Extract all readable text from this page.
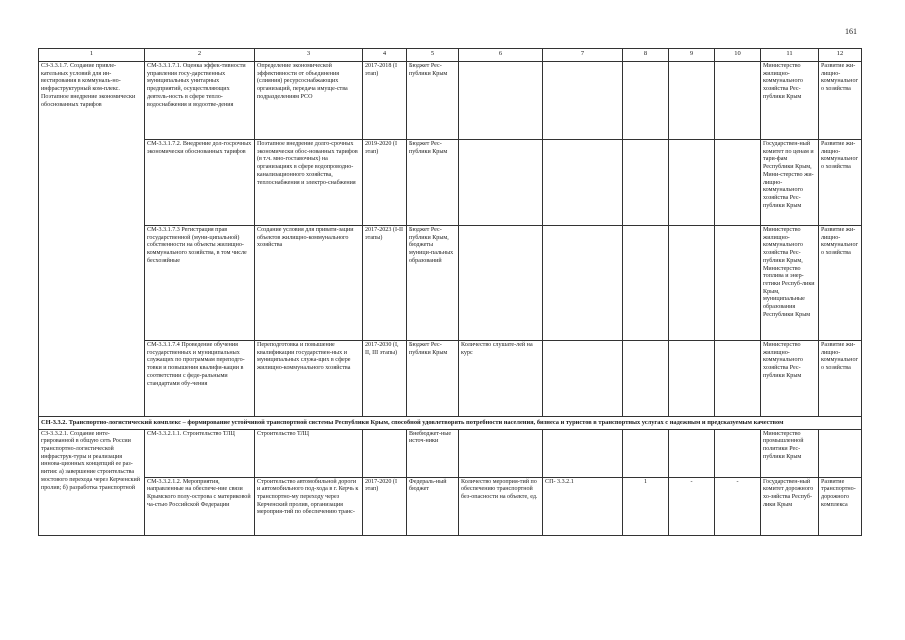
161
1	2	3	4	5	6	7	8	9	10	11	12
СЗ-3.3.1.7. Создание привле-кательных условий для ин-вестирования в коммуналь-но-инфраструктурный ком-плекс. Поэтапное внедрение экономически обоснованных тарифов	СМ-3.3.1.7.1. Оценка эффек-тивности управления госу-дарственных муниципальных унитарных предприятий, осуществляющих деятель-ность в сфере тепло-водоснабжения и водоотве-дения	Определение экономической эффективности от объединения (слияния) ресурсоснабжающих организаций, передача имуще-ства подразделениям РСО	2017-2018 (I этап)	Бюджет Рес-публики Крым						Министерство жилищно-коммунального хозяйства Рес-публики Крым	Развитие жи-лищно-коммунального хозяйства
	СМ-3.3.1.7.2. Внедрение дол-госрочных экономически обоснованных тарифов	Поэтапное внедрение долго-срочных экономически обос-нованных тарифов (в т.ч. мно-гоставочных) на организациях в сфере водопроводно-канализационного хозяйства, теплоснабжения и электро-снабжения	2019-2020 (I этап)	Бюджет Рес-публики Крым						Государствен-ный комитет по ценам и тари-фам Республики Крым, Мини-стерство жи-лищно-коммунального хозяйства Рес-публики Крым	Развитие жи-лищно-коммунального хозяйства
	СМ-3.3.1.7.3 Регистрация прав государственной (муни-ципальной) собственности на объекты жилищно-коммунального хозяйства, в том числе бесхозяйные	Создание условия для привати-зации объектов жилищно-коммунального хозяйства	2017-2023 (I-II этапы)	Бюджет Рес-публики Крым, бюджеты муници-пальных образований						Министерство жилищно-коммунального хозяйства Рес-публики Крым, Министерство топлива и энер-гетики Респуб-лики Крым, муниципальные образования Республики Крым	Развитие жи-лищно-коммунального хозяйства
	СМ-3.3.1.7.4 Проведение обучения государственных и муниципальных служащих по программам переподго-товки и повышения квалифи-кации в соответствии с феде-ральными стандартами обу-чения	Переподготовка и повышение квалификации государствен-ных и муниципальных служа-щих в сфере жилищно-коммунального хозяйства	2017-2030 (I, II, III этапы)	Бюджет Рес-публики Крым	Количество слушате-лей на курс					Министерство жилищно-коммунального хозяйства Рес-публики Крым	Развитие жи-лищно-коммунального хозяйства
СН-3.3.2. Транспортно-логистический комплекс – формирование устойчивой транспортной системы Республики Крым, способной удовлетворять потребности населения, бизнеса и туристов в транспортных услугах с надежным и предсказуемым качеством											
СЗ-3.3.2.1. Создание инте-грированной в общую сеть России транспортно-логистической инфраструк-туры и реализация иннова-ционных концепций ее раз-вития: а) завершение строительства мостового перехода через Керченский пролив; б) разработка транспортной	СМ-3.3.2.1.1. Строительство ТЛЦ	Строительство ТЛЦ		Внебюджет-ные источ-ники						Министерство промышленной политики Рес-публики Крым	
	СМ-3.3.2.1.2. Мероприятия, направленные на обеспече-ние связи Крымского полу-острова с материковой ча-стью Российской Федерации	Строительство автомобильной дороги и автомобильного под-хода в г. Керчь к транспортно-му переходу через Керченский пролив, организация мероприя-тий по обеспечению транс-	2017-2020 (I этап)	Федераль-ный бюджет	Количество мероприя-тий по обеспечению транспортной без-опасности на объекте, ед.	СП- 3.3.2.1	1	-	-	Государствен-ный комитет дорожного хо-зяйства Респуб-лики Крым	Развитие транспортно-дорожного комплекса
